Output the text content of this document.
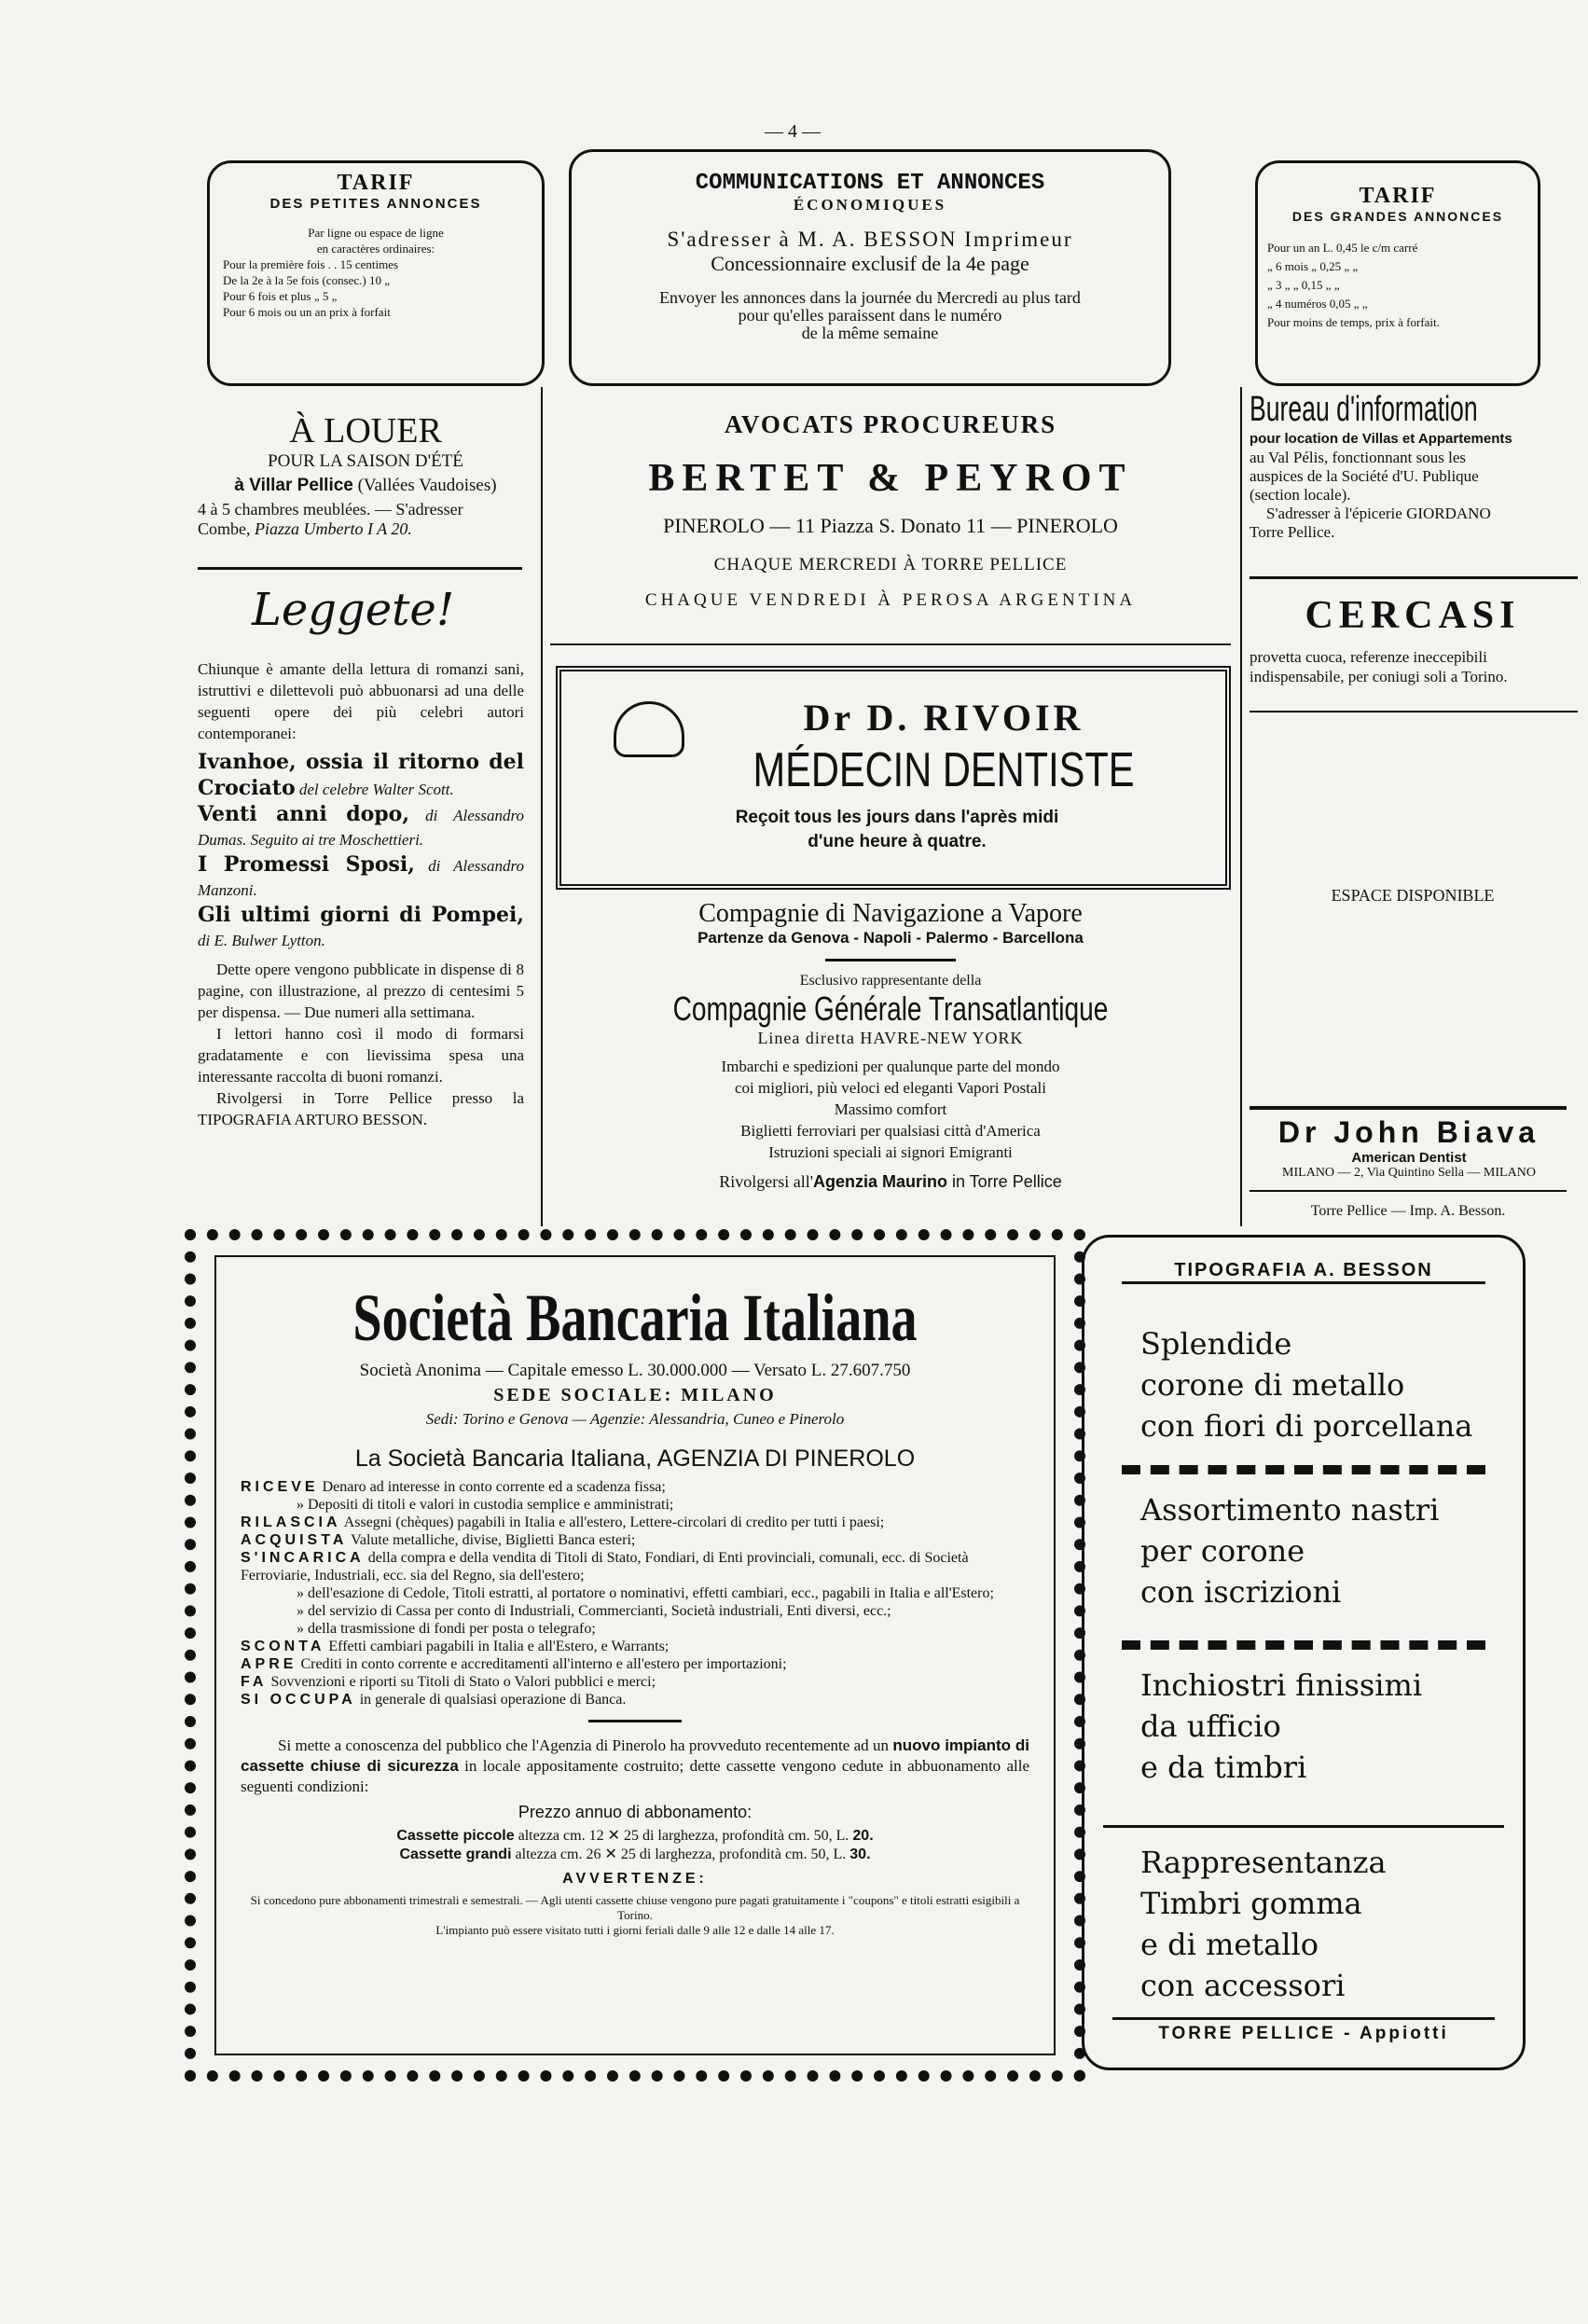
— 4 —
TARIF
DES PETITES ANNONCES
Par ligne ou espace de ligne
en caractères ordinaires:
Pour la première fois . . 15 centimes
De la 2e à la 5e fois (consec.) 10 „
Pour 6 fois et plus „ 5 „
Pour 6 mois ou un an prix à forfait
COMMUNICATIONS ET ANNONCES
ÉCONOMIQUES
S'adresser à M. A. BESSON Imprimeur
Concessionnaire exclusif de la 4e page
Envoyer les annonces dans la journée du Mercredi au plus tard
pour qu'elles paraissent dans le numéro
de la même semaine
TARIF
DES GRANDES ANNONCES
Pour un an L. 0,45 le c/m carré
„ 6 mois „ 0,25 „ „
„ 3 „ „ 0,15 „ „
„ 4 numéros 0,05 „ „
Pour moins de temps, prix à forfait.
À LOUER
POUR LA SAISON D'ÉTÉ
à Villar Pellice (Vallées Vaudoises)
4 à 5 chambres meublées. — S'adresser
Combe, Piazza Umberto I A 20.
Leggete!

Chiunque è amante della lettura di romanzi sani, istruttivi e dilettevoli può abbuonarsi ad una delle seguenti opere dei più celebri autori contemporanei:

Ivanhoe, ossia il ritorno del Crociato del celebre Walter Scott.

Venti anni dopo, di Alessandro Dumas. Seguito ai tre Moschettieri.

I Promessi Sposi, di Alessandro Manzoni.

Gli ultimi giorni di Pompei, di E. Bulwer Lytton.

Dette opere vengono pubblicate in dispense di 8 pagine, con illustrazione, al prezzo di centesimi 5 per dispensa. — Due numeri alla settimana.

I lettori hanno così il modo di formarsi gradatamente e con lievissima spesa una interessante raccolta di buoni romanzi.

Rivolgersi in Torre Pellice presso la TIPOGRAFIA ARTURO BESSON.

AVOCATS PROCUREURS
BERTET & PEYROT
PINEROLO — 11 Piazza S. Donato 11 — PINEROLO
CHAQUE MERCREDI À TORRE PELLICE
CHAQUE VENDREDI À PEROSA ARGENTINA
Dr D. RIVOIR
MÉDECIN DENTISTE
Reçoit tous les jours dans l'après midi
d'une heure à quatre.
Compagnie di Navigazione a Vapore
Partenze da Genova - Napoli - Palermo - Barcellona
Esclusivo rappresentante della
Compagnie Générale Transatlantique
Linea diretta HAVRE-NEW YORK
Imbarchi e spedizioni per qualunque parte del mondo
coi migliori, più veloci ed eleganti Vapori Postali
Massimo comfort
Biglietti ferroviari per qualsiasi città d'America
Istruzioni speciali ai signori Emigranti
Rivolgersi all'Agenzia Maurino in Torre Pellice
Bureau d'information
pour location de Villas et Appartements
au Val Pélis, fonctionnant sous les
auspices de la Société d'U. Publique
(section locale).
S'adresser à l'épicerie GIORDANO
Torre Pellice.
CERCASI
provetta cuoca, referenze ineccepibili
indispensabile, per coniugi soli a Torino.
ESPACE DISPONIBLE
Dr John Biava
American Dentist
MILANO — 2, Via Quintino Sella — MILANO
Torre Pellice — Imp. A. Besson.
Società Bancaria Italiana
Società Anonima — Capitale emesso L. 30.000.000 — Versato L. 27.607.750
SEDE SOCIALE: MILANO
Sedi: Torino e Genova — Agenzie: Alessandria, Cuneo e Pinerolo
La Società Bancaria Italiana, AGENZIA DI PINEROLO
RICEVE Denaro ad interesse in conto corrente ed a scadenza fissa;
» Depositi di titoli e valori in custodia semplice e amministrati;
RILASCIA Assegni (chèques) pagabili in Italia e all'estero, Lettere-circolari di credito per tutti i paesi;
ACQUISTA Valute metalliche, divise, Biglietti Banca esteri;
S'INCARICA della compra e della vendita di Titoli di Stato, Fondiari, di Enti provinciali, comunali, ecc. di Società Ferroviarie, Industriali, ecc. sia del Regno, sia dell'estero;
» dell'esazione di Cedole, Titoli estratti, al portatore o nominativi, effetti cambiari, ecc., pagabili in Italia e all'Estero;
» del servizio di Cassa per conto di Industriali, Commercianti, Società industriali, Enti diversi, ecc.;
» della trasmissione di fondi per posta o telegrafo;
SCONTA Effetti cambiari pagabili in Italia e all'Estero, e Warrants;
APRE Crediti in conto corrente e accreditamenti all'interno e all'estero per importazioni;
FA Sovvenzioni e riporti su Titoli di Stato o Valori pubblici e merci;
SI OCCUPA in generale di qualsiasi operazione di Banca.
Si mette a conoscenza del pubblico che l'Agenzia di Pinerolo ha provveduto recentemente ad un nuovo impianto di cassette chiuse di sicurezza in locale appositamente costruito; dette cassette vengono cedute in abbuonamento alle seguenti condizioni:
Prezzo annuo di abbonamento:
Cassette piccole altezza cm. 12 ✕ 25 di larghezza, profondità cm. 50, L. 20.
Cassette grandi altezza cm. 26 ✕ 25 di larghezza, profondità cm. 50, L. 30.
AVVERTENZE:
Si concedono pure abbonamenti trimestrali e semestrali. — Agli utenti cassette chiuse vengono pure pagati gratuitamente i "coupons" e titoli estratti esigibili a Torino.
L'impianto può essere visitato tutti i giorni feriali dalle 9 alle 12 e dalle 14 alle 17.
TIPOGRAFIA A. BESSON
Splendide
corone di metallo
con fiori di porcellana
Assortimento nastri
per corone
con iscrizioni
Inchiostri finissimi
da ufficio
e da timbri
Rappresentanza
Timbri gomma
e di metallo
con accessori
TORRE PELLICE - Appiotti
